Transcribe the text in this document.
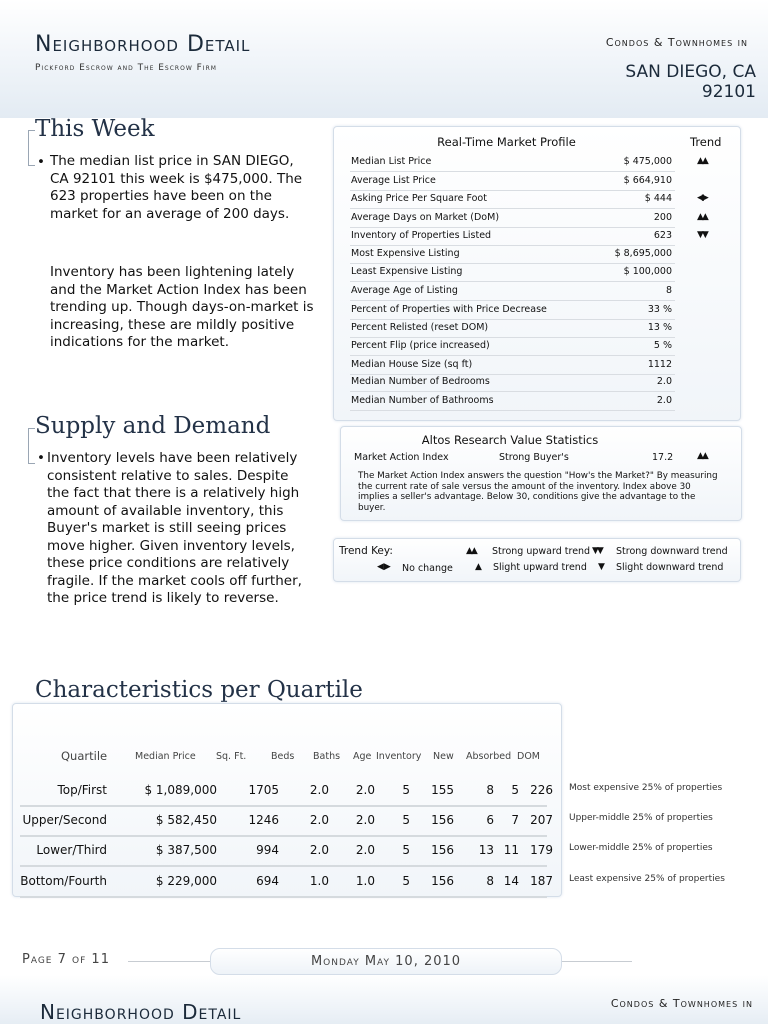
Neighborhood Detail
Pickford Escrow and The Escrow Firm
Condos & Townhomes in
SAN DIEGO, CA
92101
This Week
• The median list price in SAN DIEGO, CA 92101 this week is $475,000. The 623 properties have been on the market for an average of 200 days.
Inventory has been lightening lately and the Market Action Index has been trending up. Though days-on-market is increasing, these are mildly positive indications for the market.
Supply and Demand
• Inventory levels have been relatively consistent relative to sales. Despite the fact that there is a relatively high amount of available inventory, this Buyer's market is still seeing prices move higher. Given inventory levels, these price conditions are relatively fragile. If the market cools off further, the price trend is likely to reverse.
Real-Time Market Profile	Trend
Median List Price	$ 475,000	▲▲
Average List Price	$ 664,910
Asking Price Per Square Foot	$ 444	◀▶
Average Days on Market (DoM)	200	▲▲
Inventory of Properties Listed	623	▼▼
Most Expensive Listing	$ 8,695,000
Least Expensive Listing	$ 100,000
Average Age of Listing	8
Percent of Properties with Price Decrease	33 %
Percent Relisted (reset DOM)	13 %
Percent Flip (price increased)	5 %
Median House Size (sq ft)	1112
Median Number of Bedrooms	2.0
Median Number of Bathrooms	2.0
Altos Research Value Statistics
Market Action Index	Strong Buyer's	17.2	▲▲
The Market Action Index answers the question "How's the Market?" By measuring the current rate of sale versus the amount of the inventory. Index above 30 implies a seller's advantage. Below 30, conditions give the advantage to the buyer.
Trend Key:	▲▲ Strong upward trend ▼▼ Strong downward trend
◀▶ No change ▲ Slight upward trend ▼ Slight downward trend
Characteristics per Quartile
Quartile	Median Price Sq. Ft.	Beds Baths Age Inventory New Absorbed DOM
Top/First	$ 1,089,000	1705	2.0 2.0 5 155	8 5 226 Most expensive 25% of properties
Upper/Second	$ 582,450	1246	2.0 2.0 5 156	6 7 207 Upper-middle 25% of properties
Lower/Third	$ 387,500	994	2.0 2.0 5 156 13 11 179 Lower-middle 25% of properties
Bottom/Fourth	$ 229,000	694	1.0 1.0 5 156	8 14 187 Least expensive 25% of properties
Page 7 of 11	Monday May 10, 2010
Neighborhood Detail	Condos & Townhomes in
